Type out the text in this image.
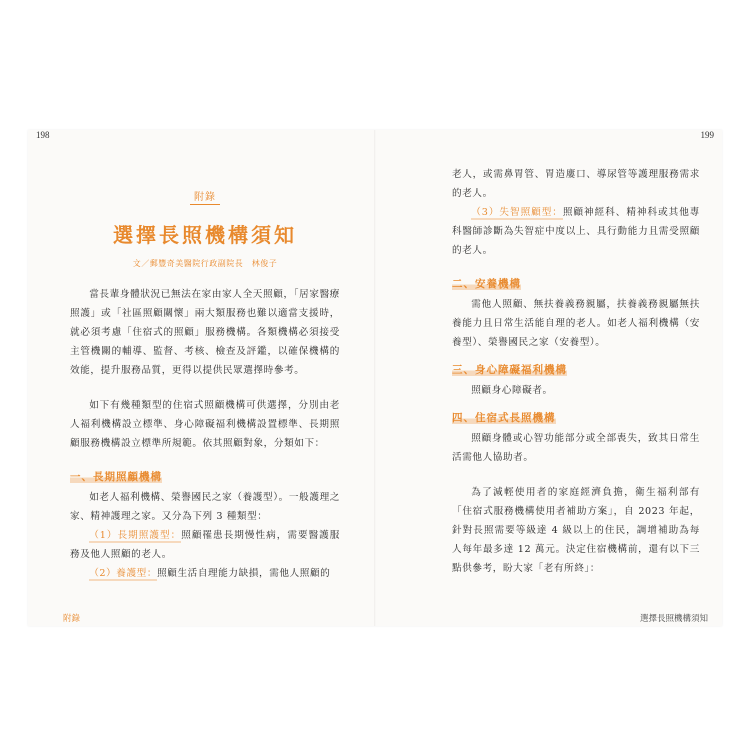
198	199
附錄
選擇長照機構須知
文／郵豐奇美醫院行政副院長　林俊子

當長輩身體狀況已無法在家由家人全天照顧，「居家醫療照護」或「社區照顧關懷」兩大類服務也難以適當支援時，就必須考慮「住宿式的照顧」服務機構。各類機構必須接受主管機關的輔導、監督、考核、檢查及評鑑，以確保機構的效能，提升服務品質，更得以提供民眾選擇時參考。

如下有幾種類型的住宿式照顧機構可供選擇，分別由老人福利機構設立標準、身心障礙福利機構設置標準、長期照顧服務機構設立標準所規範。依其照顧對象，分類如下：

一、長期照顧機構

如老人福利機構、榮譽國民之家（養護型）。一般護理之家、精神護理之家。又分為下列 3 種類型：

（1）長期照護型：照顧罹患長期慢性病，需要醫護服務及他人照顧的老人。

（2）養護型：照顧生活自理能力缺損，需他人照顧的

老人，或需鼻胃管、胃造廔口、導尿管等護理服務需求的老人。

（3）失智照顧型：照顧神經科、精神科或其他專科醫師診斷為失智症中度以上、具行動能力且需受照顧的老人。

二、安養機構

需他人照顧、無扶養義務親屬，扶養義務親屬無扶養能力且日常生活能自理的老人。如老人福利機構（安養型）、榮譽國民之家（安養型）。

三、身心障礙福利機構

照顧身心障礙者。

四、住宿式長照機構

照顧身體或心智功能部分或全部喪失，致其日常生活需他人協助者。

為了減輕使用者的家庭經濟負擔，衛生福利部有「住宿式服務機構使用者補助方案」，自 2023 年起，針對長照需要等級達 4 級以上的住民，調增補助為每人每年最多達 12 萬元。決定住宿機構前，還有以下三點供參考，盼大家「老有所終」：

附錄	選擇長照機構須知
